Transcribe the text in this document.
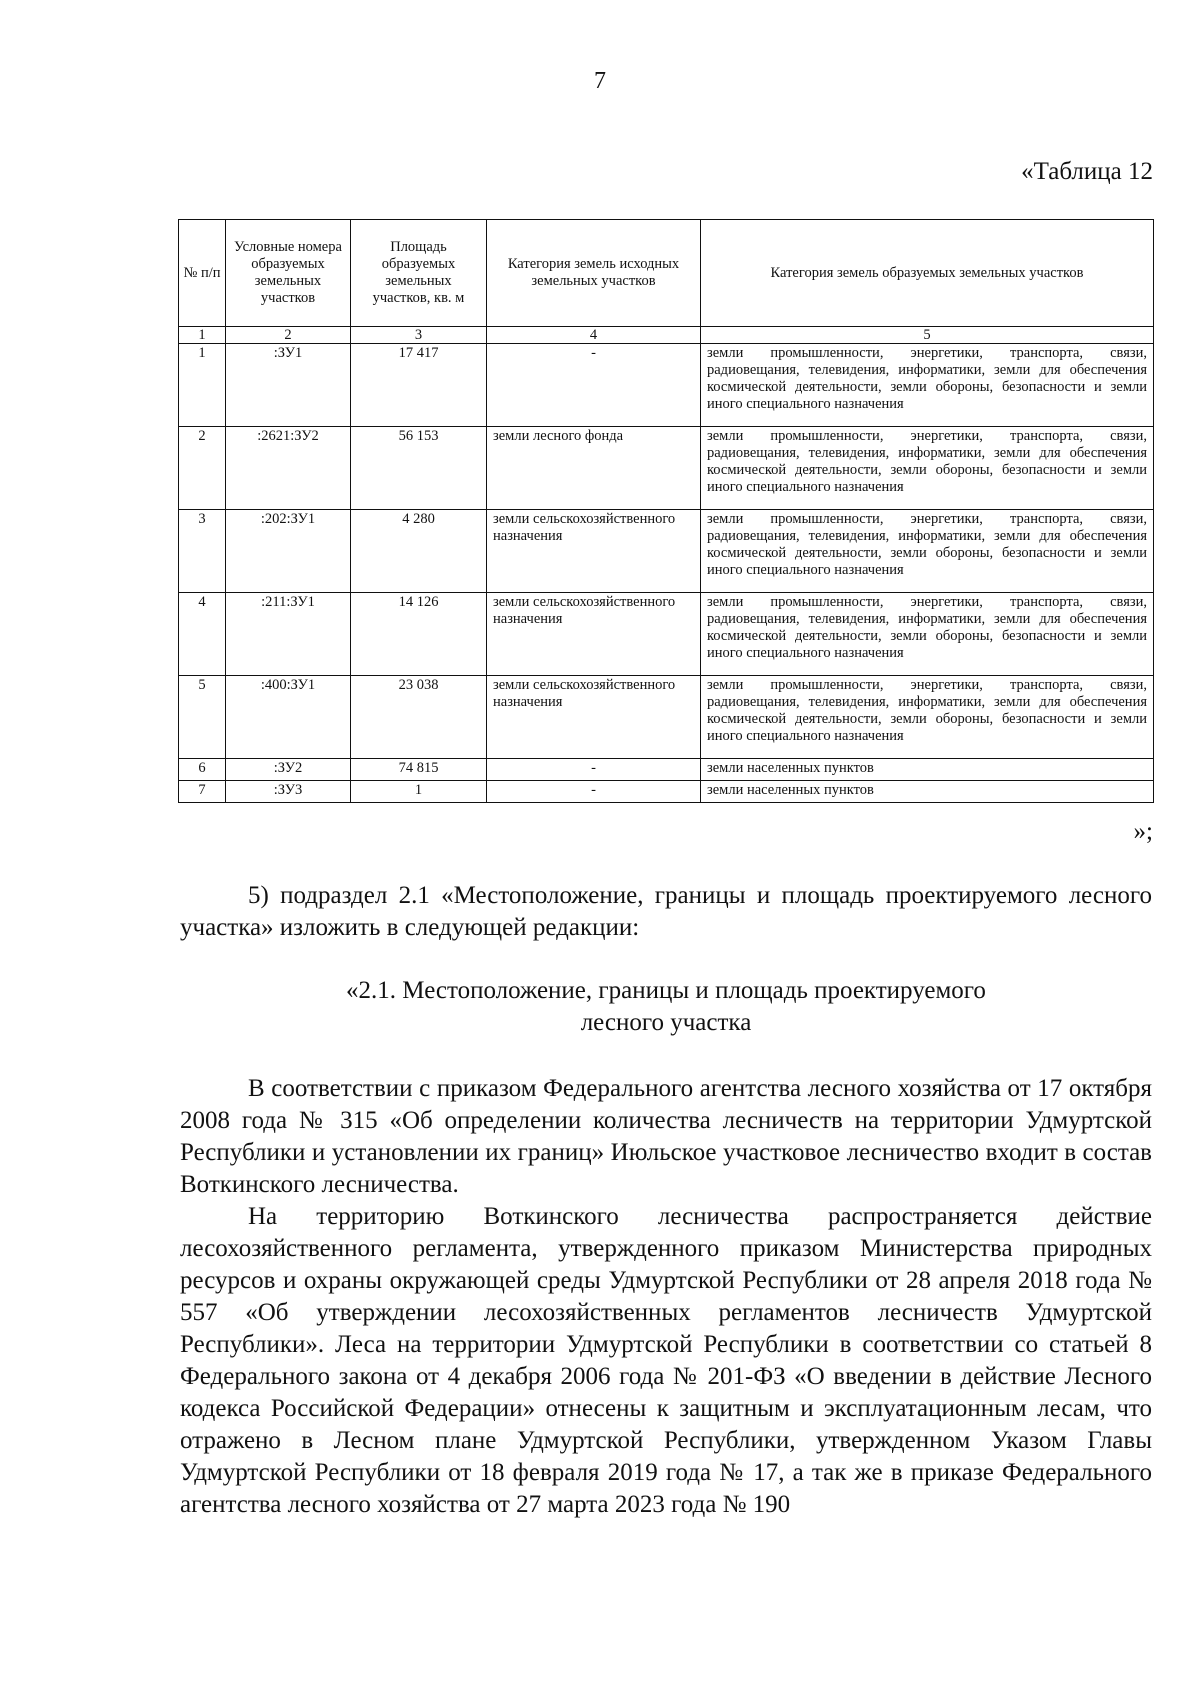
7
«Таблица 12
№ п/п	Условные номера образуемых земельных участков	Площадь образуемых земельных участков, кв. м	Категория земель исходных земельных участков	Категория земель образуемых земельных участков
1	2	3	4	5
1	:ЗУ1	17 417	-	земли промышленности, энергетики, транспорта, связи, радиовещания, телевидения, информатики, земли для обеспечения космической деятельности, земли обороны, безопасности и земли иного специального назначения
2	:2621:ЗУ2	56 153	земли лесного фонда	земли промышленности, энергетики, транспорта, связи, радиовещания, телевидения, информатики, земли для обеспечения космической деятельности, земли обороны, безопасности и земли иного специального назначения
3	:202:ЗУ1	4 280	земли сельскохозяйственного назначения	земли промышленности, энергетики, транспорта, связи, радиовещания, телевидения, информатики, земли для обеспечения космической деятельности, земли обороны, безопасности и земли иного специального назначения
4	:211:ЗУ1	14 126	земли сельскохозяйственного назначения	земли промышленности, энергетики, транспорта, связи, радиовещания, телевидения, информатики, земли для обеспечения космической деятельности, земли обороны, безопасности и земли иного специального назначения
5	:400:ЗУ1	23 038	земли сельскохозяйственного назначения	земли промышленности, энергетики, транспорта, связи, радиовещания, телевидения, информатики, земли для обеспечения космической деятельности, земли обороны, безопасности и земли иного специального назначения
6	:ЗУ2	74 815	-	земли населенных пунктов
7	:ЗУ3	1	-	земли населенных пунктов
»;

5) подраздел 2.1 «Местоположение, границы и площадь проектируемого лесного участка» изложить в следующей редакции:

«2.1. Местоположение, границы и площадь проектируемого
лесного участка

В соответствии с приказом Федерального агентства лесного хозяйства от 17 октября 2008 года № 315 «Об определении количества лесничеств на территории Удмуртской Республики и установлении их границ» Июльское участковое лесничество входит в состав Воткинского лесничества.

На территорию Воткинского лесничества распространяется действие лесохозяйственного регламента, утвержденного приказом Министерства природных ресурсов и охраны окружающей среды Удмуртской Республики от 28 апреля 2018 года № 557 «Об утверждении лесохозяйственных регламентов лесничеств Удмуртской Республики». Леса на территории Удмуртской Республики в соответствии со статьей 8 Федерального закона от 4 декабря 2006 года № 201-ФЗ «О введении в действие Лесного кодекса Российской Федерации» отнесены к защитным и эксплуатационным лесам, что отражено в Лесном плане Удмуртской Республики, утвержденном Указом Главы Удмуртской Республики от 18 февраля 2019 года № 17, а так же в приказе Федерального агентства лесного хозяйства от 27 марта 2023 года № 190
